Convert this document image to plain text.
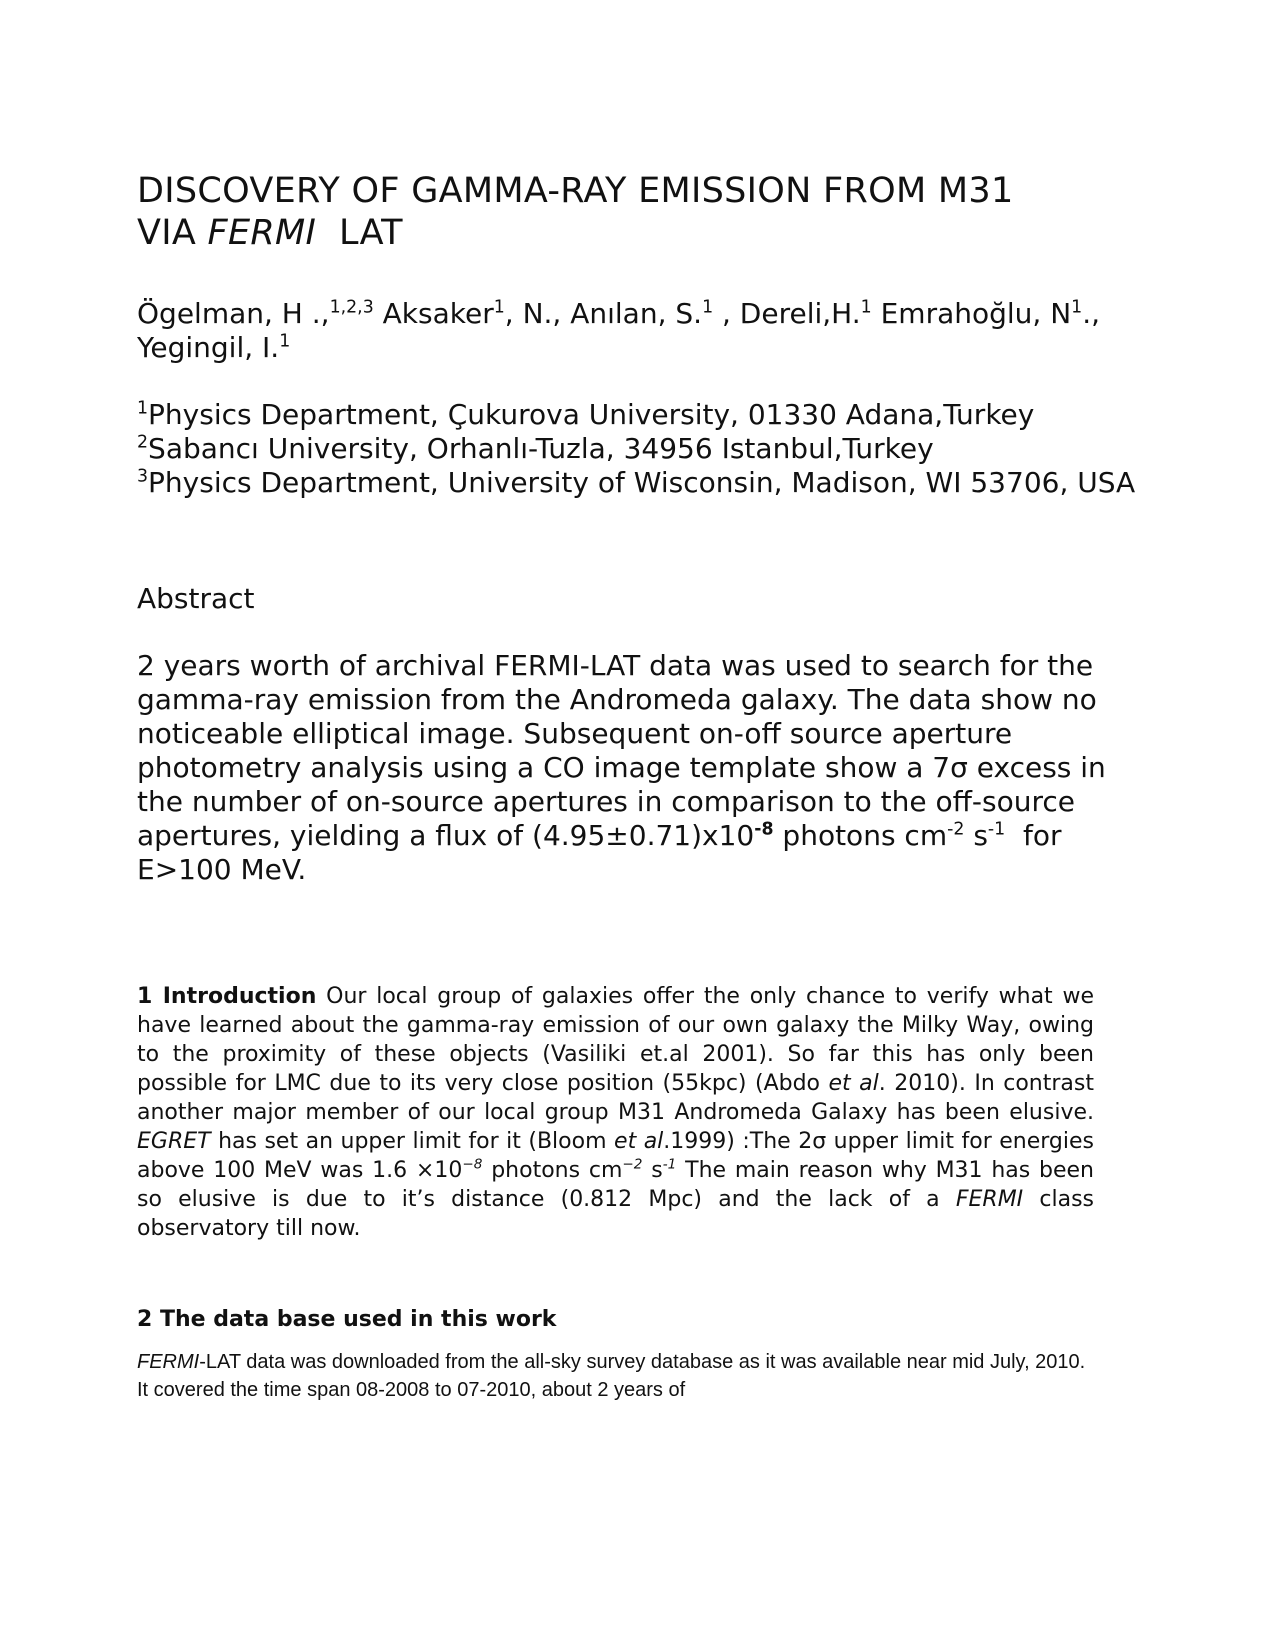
DISCOVERY OF GAMMA-RAY EMISSION FROM M31
VIA FERMI  LAT
Ögelman, H .,$^{1,2,3}$ Aksaker$^1$, N., Anılan, S.$^1$ , Dereli,H.$^1$ Emrahoğlu, $N^1$., Yegingil, I.$^1$
$^1$Physics Department, Çukurova University, 01330 Adana,Turkey
$^2$Sabancı University, Orhanlı-Tuzla, 34956 Istanbul,Turkey
$^3$Physics Department, University of Wisconsin, Madison, WI 53706, USA
Abstract
2 years worth of archival FERMI-LAT data was used to search for the gamma-ray emission from the Andromeda galaxy. The data show no noticeable elliptical image. Subsequent on-off source aperture photometry analysis using a CO image template show a 7σ excess in the number of on-source apertures in comparison to the off-source apertures, yielding a flux of $(4.95\pm 0.71)x10^{-8}$ photons $cm^{-2}$ $s^{-1}$  for E>100 MeV.
1 Introduction Our local group of galaxies oﬀer the only chance to verify what we have learned about the gamma-ray emission of our own galaxy the Milky Way, owing to the proximity of these objects (Vasiliki et.al 2001). So far this has only been possible for LMC due to its very close position (55kpc) (Abdo et al. 2010). In contrast another major member of our local group M31 Andromeda Galaxy has been elusive. EGRET has set an upper limit for it (Bloom et al.1999) :The 2σ upper limit for energies above 100 MeV was $1.6 \times 10^{-8}$ photons $cm^{-2}$ $s^{-1}$ The main reason why M31 has been so elusive is due to it’s distance (0.812 Mpc) and the lack of a FERMI class observatory till now.
2 The data base used in this work
FERMI-LAT data was downloaded from the all-sky survey database as it was available near mid July, 2010. It covered the time span 08-2008 to 07-2010, about 2 years of
